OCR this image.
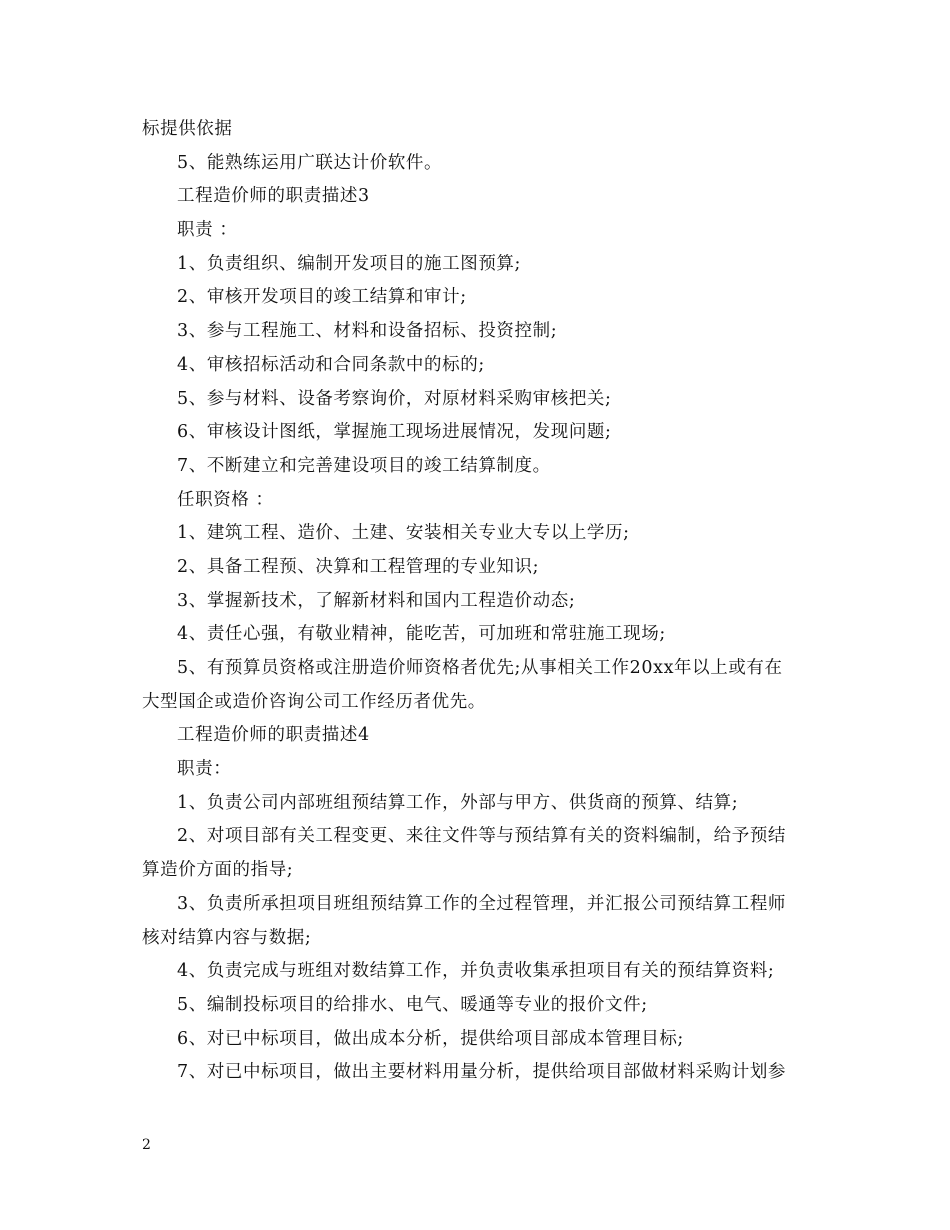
标提供依据
5、能熟练运用广联达计价软件。
工程造价师的职责描述3
职责 ：
1、负责组织、编制开发项目的施工图预算;
2、审核开发项目的竣工结算和审计;
3、参与工程施工、材料和设备招标、投资控制;
4、审核招标活动和合同条款中的标的;
5、参与材料、设备考察询价，对原材料采购审核把关;
6、审核设计图纸，掌握施工现场进展情况，发现问题;
7、不断建立和完善建设项目的竣工结算制度。
任职资格 ：
1、建筑工程、造价、土建、安装相关专业大专以上学历;
2、具备工程预、决算和工程管理的专业知识;
3、掌握新技术，了解新材料和国内工程造价动态;
4、责任心强，有敬业精神，能吃苦，可加班和常驻施工现场;
5、有预算员资格或注册造价师资格者优先;从事相关工作20xx年以上或有在
大型国企或造价咨询公司工作经历者优先。
工程造价师的职责描述4
职责：
1、负责公司内部班组预结算工作，外部与甲方、供货商的预算、结算;
2、对项目部有关工程变更、来往文件等与预结算有关的资料编制，给予预结
算造价方面的指导;
3、负责所承担项目班组预结算工作的全过程管理，并汇报公司预结算工程师
核对结算内容与数据;
4、负责完成与班组对数结算工作，并负责收集承担项目有关的预结算资料;
5、编制投标项目的给排水、电气、暖通等专业的报价文件;
6、对已中标项目，做出成本分析，提供给项目部成本管理目标;
7、对已中标项目，做出主要材料用量分析，提供给项目部做材料采购计划参
2
